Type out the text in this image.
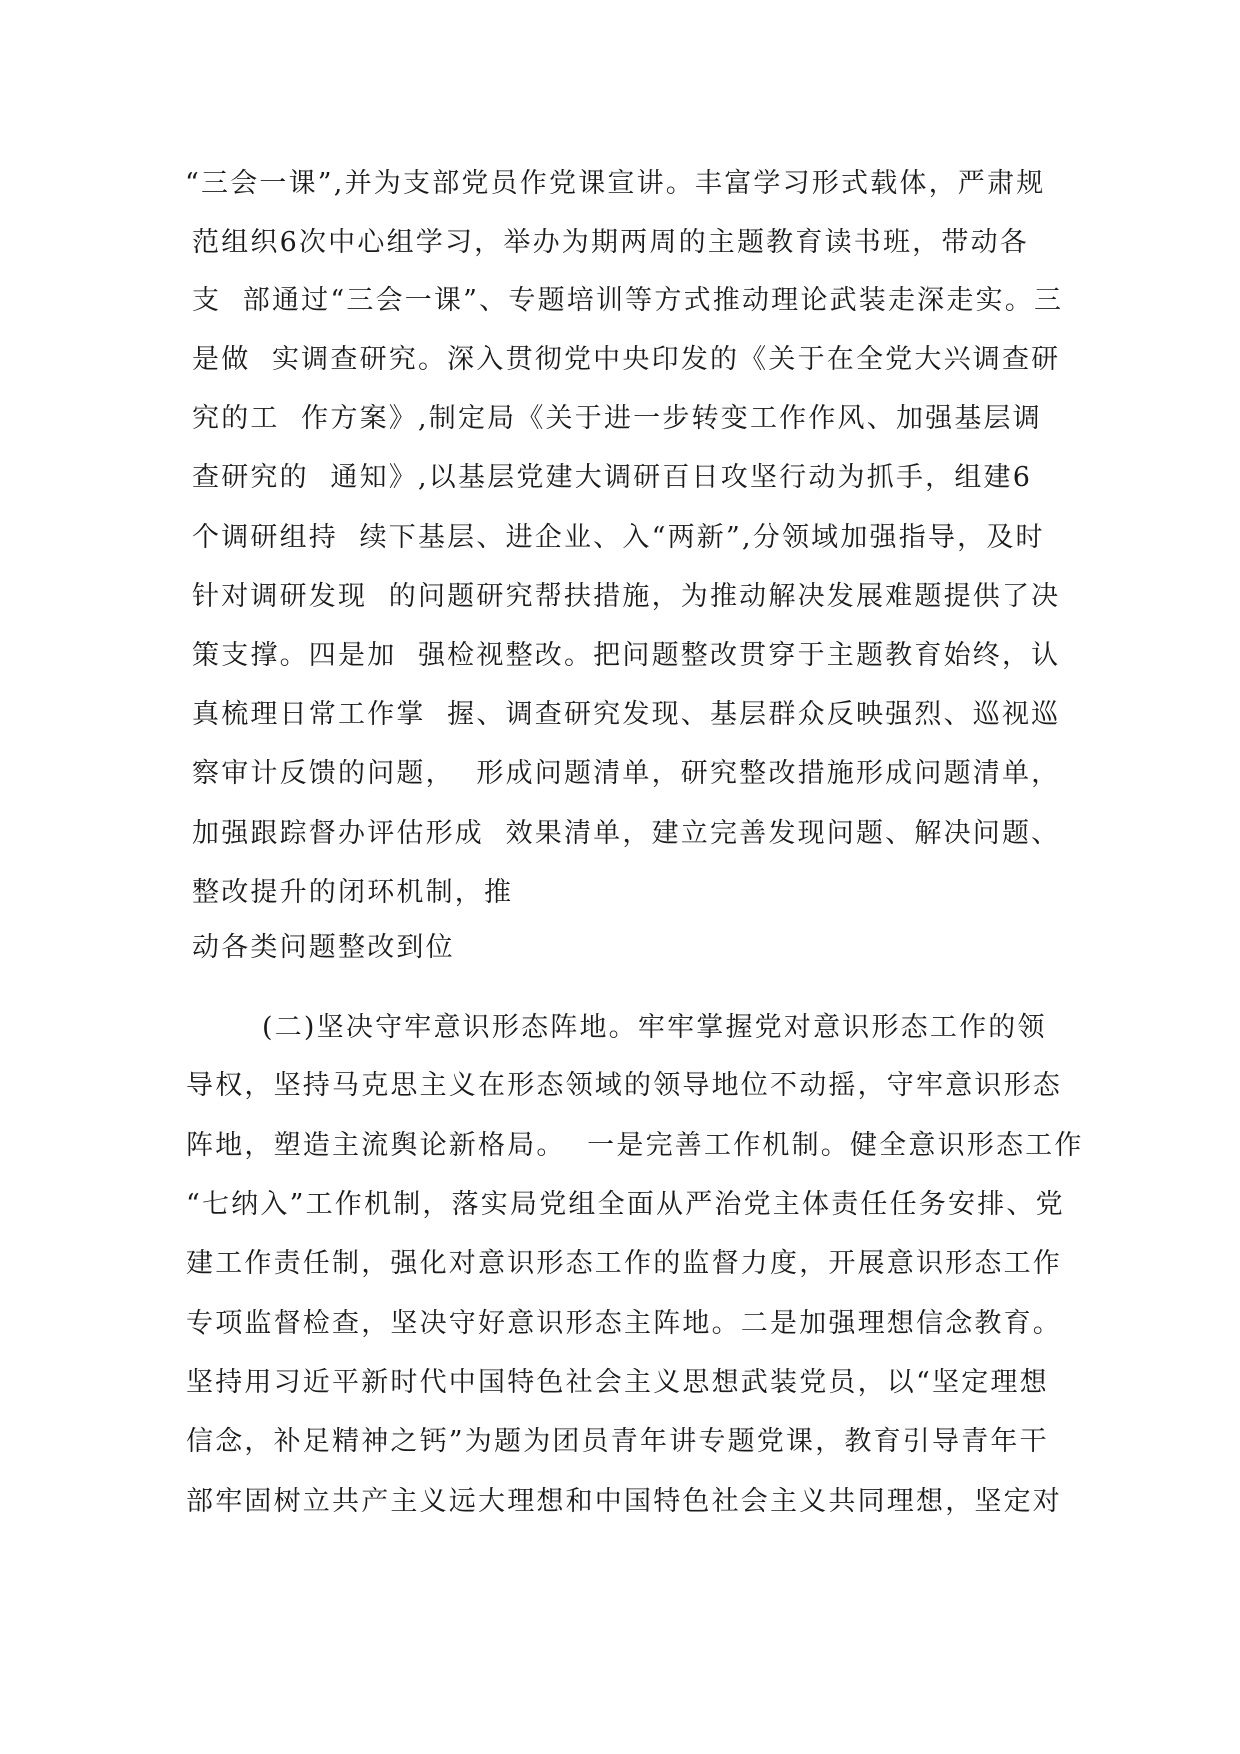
“三会一课”,并为支部党员作党课宣讲。丰富学习形式载体，严肃规
范组织6次中心组学习，举办为期两周的主题教育读书班，带动各
支  部通过“三会一课”、专题培训等方式推动理论武装走深走实。三
是做  实调查研究。深入贯彻党中央印发的《关于在全党大兴调查研
究的工  作方案》,制定局《关于进一步转变工作作风、加强基层调
查研究的  通知》,以基层党建大调研百日攻坚行动为抓手，组建6
个调研组持  续下基层、进企业、入“两新”,分领域加强指导，及时
针对调研发现  的问题研究帮扶措施，为推动解决发展难题提供了决
策支撑。四是加  强检视整改。把问题整改贯穿于主题教育始终，认
真梳理日常工作掌  握、调查研究发现、基层群众反映强烈、巡视巡
察审计反馈的问题，  形成问题清单，研究整改措施形成问题清单，
加强跟踪督办评估形成  效果清单，建立完善发现问题、解决问题、
整改提升的闭环机制，推
动各类问题整改到位
(二)坚决守牢意识形态阵地。牢牢掌握党对意识形态工作的领
导权，坚持马克思主义在形态领域的领导地位不动摇，守牢意识形态
阵地，塑造主流舆论新格局。  一是完善工作机制。健全意识形态工作
“七纳入”工作机制，落实局党组全面从严治党主体责任任务安排、党
建工作责任制，强化对意识形态工作的监督力度，开展意识形态工作
专项监督检查，坚决守好意识形态主阵地。二是加强理想信念教育。
坚持用习近平新时代中国特色社会主义思想武装党员，以“坚定理想
信念，补足精神之钙”为题为团员青年讲专题党课，教育引导青年干
部牢固树立共产主义远大理想和中国特色社会主义共同理想，坚定对
